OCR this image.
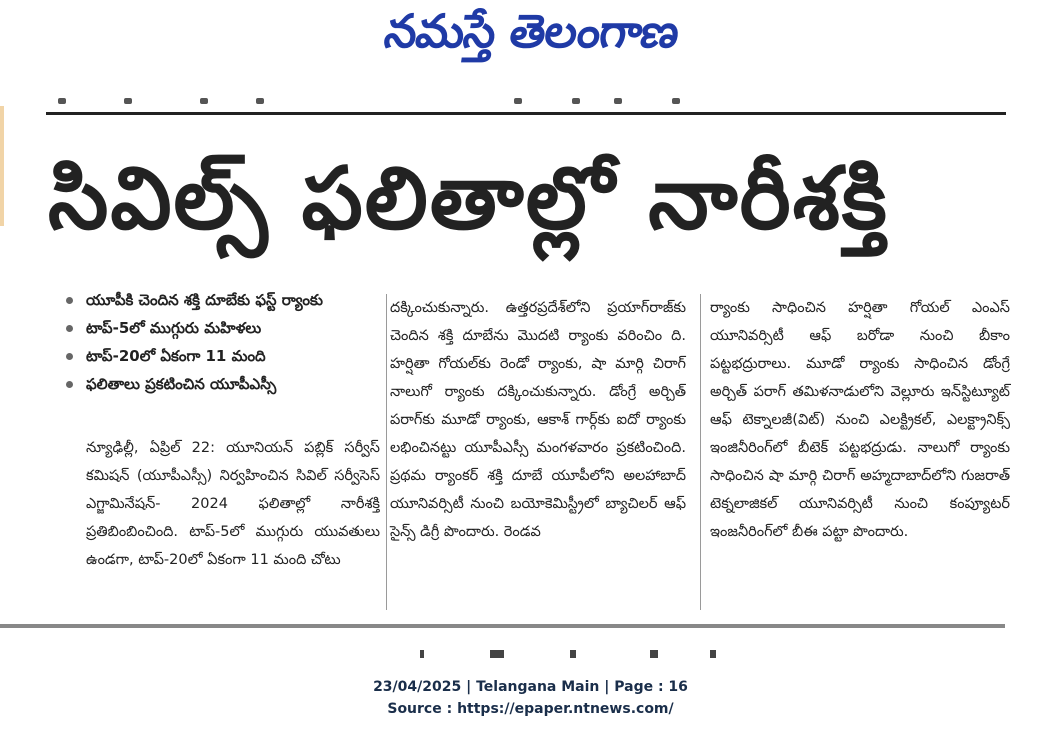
నమస్తే తెలంగాణ
సివిల్స్ ఫలితాల్లో నారీశక్తి
యూపీకి చెందిన శక్తి దూబేకు ఫస్ట్ ర్యాంకు
టాప్-5లో ముగ్గురు మహిళలు
టాప్-20లో ఏకంగా 11 మంది
ఫలితాలు ప్రకటించిన యూపీఎస్సీ
న్యూఢిల్లీ, ఏప్రిల్ 22: యూనియన్ పబ్లిక్ సర్వీస్ కమిషన్ (యూపీఎస్సీ) నిర్వహించిన సివిల్ సర్వీసెస్ ఎగ్జామినేషన్- 2024 ఫలితాల్లో నారీశక్తి ప్రతిబింబించింది. టాప్-5లో ముగ్గురు యువతులు ఉండగా, టాప్-20లో ఏకంగా 11 మంది చోటు
దక్కించుకున్నారు. ఉత్తరప్రదేశ్‌లోని ప్రయాగ్‌రాజ్‌కు చెందిన శక్తి దూబేను మొదటి ర్యాంకు వరించిం ది. హర్షితా గోయల్‌కు రెండో ర్యాంకు, షా మార్గి చిరాగ్ నాలుగో ర్యాంకు దక్కించుకున్నారు. డోంగ్రే అర్చిత్ పరాగ్‌కు మూడో ర్యాంకు, ఆకాశ్ గార్గ్‌కు ఐదో ర్యాంకు లభించినట్టు యూపీఎస్సీ మంగళవారం ప్రకటించింది. ప్రథమ ర్యాంకర్ శక్తి దూబే యూపీలోని అలహాబాద్ యూనివర్సిటీ నుంచి బయోకెమిస్ట్రీలో బ్యాచిలర్ ఆఫ్ సైన్స్ డిగ్రీ పొందారు. రెండవ
ర్యాంకు సాధించిన హర్షితా గోయల్ ఎంఎస్ యూనివర్సిటీ ఆఫ్ బరోడా నుంచి బీకాం పట్టభద్రురాలు. మూడో ర్యాంకు సాధించిన డోంగ్రే అర్చిత్ పరాగ్ తమిళనాడులోని వెల్లూరు ఇన్‌స్టిట్యూట్ ఆఫ్ టెక్నాలజీ(విట్) నుంచి ఎలక్ట్రికల్, ఎలక్ట్రానిక్స్ ఇంజినీరింగ్‌లో బీటెక్ పట్టభద్రుడు. నాలుగో ర్యాంకు సాధించిన షా మార్గి చిరాగ్ అహ్మదాబాద్‌లోని గుజరాత్ టెక్నలాజికల్ యూనివర్సిటీ నుంచి కంప్యూటర్ ఇంజనీరింగ్‌లో బీఈ పట్టా పొందారు.
23/04/2025 | Telangana Main | Page : 16
Source : https://epaper.ntnews.com/
